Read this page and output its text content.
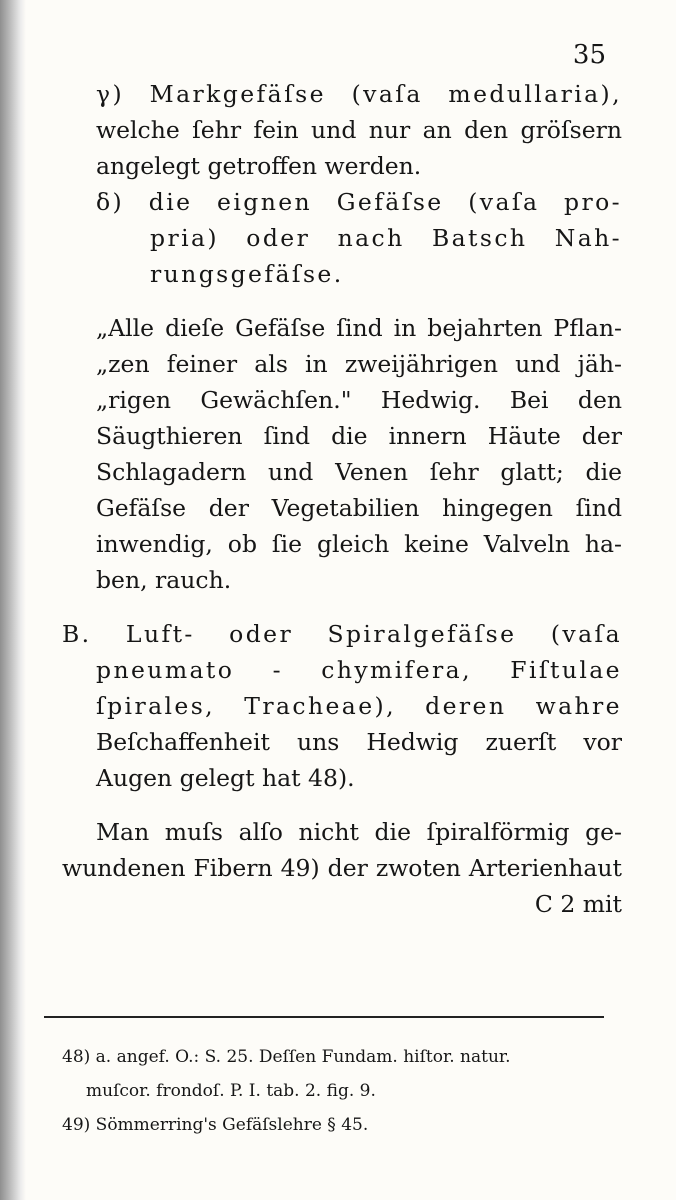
35
γ) Markgefäſse (vaſa medullaria),
welche ſehr fein und nur an den gröſsern
angelegt getroffen werden.
δ) die eignen Gefäſse (vaſa pro-
pria) oder nach Batsch Nah-
rungsgefäſse.
„Alle dieſe Gefäſse ſind in bejahrten Pflan-
„zen feiner als in zweijährigen und jäh-
„rigen Gewächſen." Hedwig. Bei den
Säugthieren ſind die innern Häute der
Schlagadern und Venen ſehr glatt; die
Gefäſse der Vegetabilien hingegen ſind
inwendig, ob ſie gleich keine Valveln ha-
ben, rauch.
B. Luft- oder Spiralgefäſse (vaſa
pneumato - chymifera, Fiſtulae
ſpirales, Tracheae), deren wahre
Beſchaffenheit uns Hedwig zuerſt vor
Augen gelegt hat 48).
Man muſs alſo nicht die ſpiralförmig ge-
wundenen Fibern 49) der zwoten Arterienhaut
C 2 mit
48) a. angef. O.: S. 25. Deſſen Fundam. hiſtor. natur.
muſcor. frondoſ. P. I. tab. 2. fig. 9.
49) Sömmerring's Gefäſslehre § 45.
